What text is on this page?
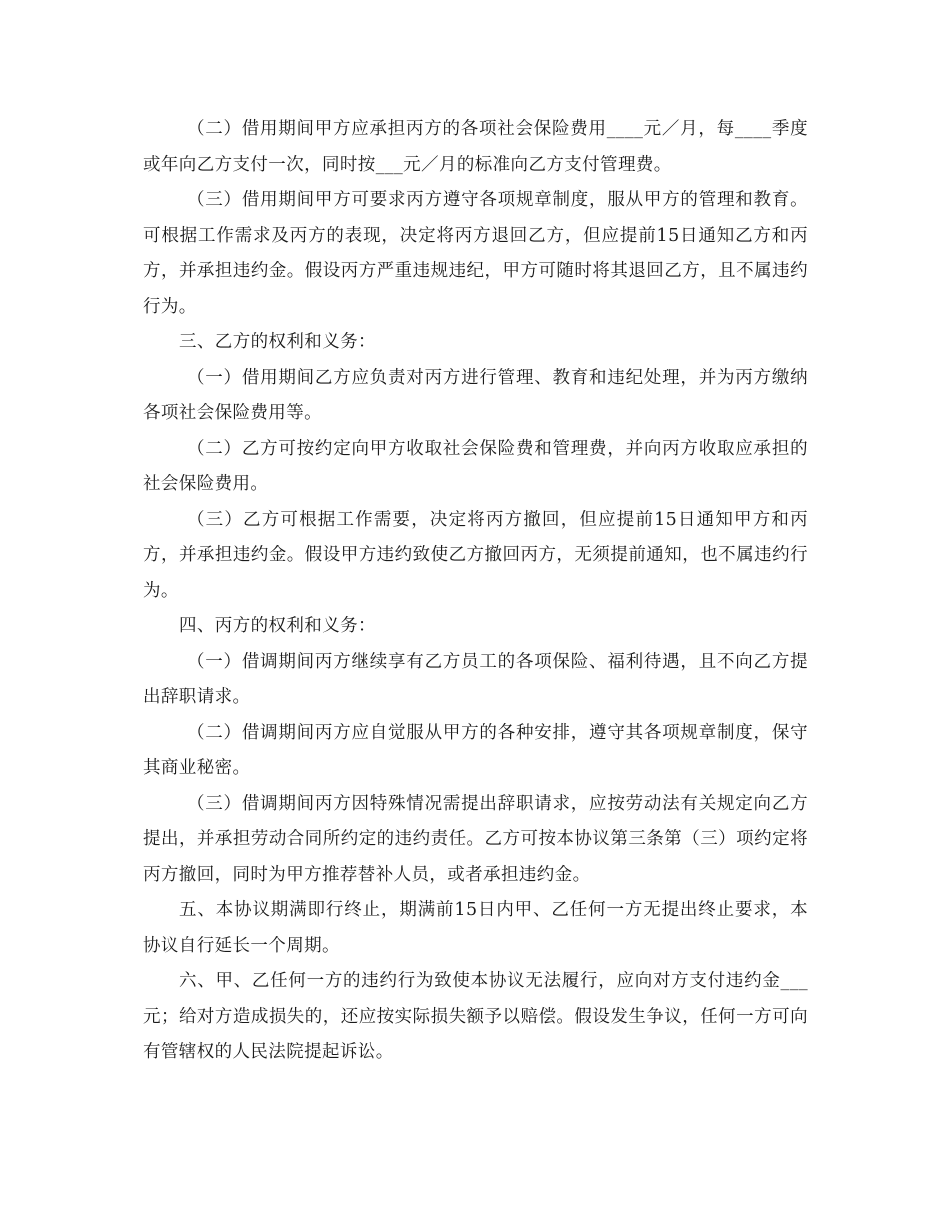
（二）借用期间甲方应承担丙方的各项社会保险费用____元／月，每____季度或年向乙方支付一次，同时按___元／月的标准向乙方支付管理费。

（三）借用期间甲方可要求丙方遵守各项规章制度，服从甲方的管理和教育。可根据工作需求及丙方的表现，决定将丙方退回乙方，但应提前15日通知乙方和丙方，并承担违约金。假设丙方严重违规违纪，甲方可随时将其退回乙方，且不属违约行为。

三、乙方的权利和义务：

（一）借用期间乙方应负责对丙方进行管理、教育和违纪处理，并为丙方缴纳各项社会保险费用等。

（二）乙方可按约定向甲方收取社会保险费和管理费，并向丙方收取应承担的社会保险费用。

（三）乙方可根据工作需要，决定将丙方撤回，但应提前15日通知甲方和丙方，并承担违约金。假设甲方违约致使乙方撤回丙方，无须提前通知，也不属违约行为。

四、丙方的权利和义务：

（一）借调期间丙方继续享有乙方员工的各项保险、福利待遇，且不向乙方提出辞职请求。

（二）借调期间丙方应自觉服从甲方的各种安排，遵守其各项规章制度，保守其商业秘密。

（三）借调期间丙方因特殊情况需提出辞职请求，应按劳动法有关规定向乙方提出，并承担劳动合同所约定的违约责任。乙方可按本协议第三条第（三）项约定将丙方撤回，同时为甲方推荐替补人员，或者承担违约金。

五、本协议期满即行终止，期满前15日内甲、乙任何一方无提出终止要求，本协议自行延长一个周期。

六、甲、乙任何一方的违约行为致使本协议无法履行，应向对方支付违约金___元；给对方造成损失的，还应按实际损失额予以赔偿。假设发生争议，任何一方可向有管辖权的人民法院提起诉讼。
